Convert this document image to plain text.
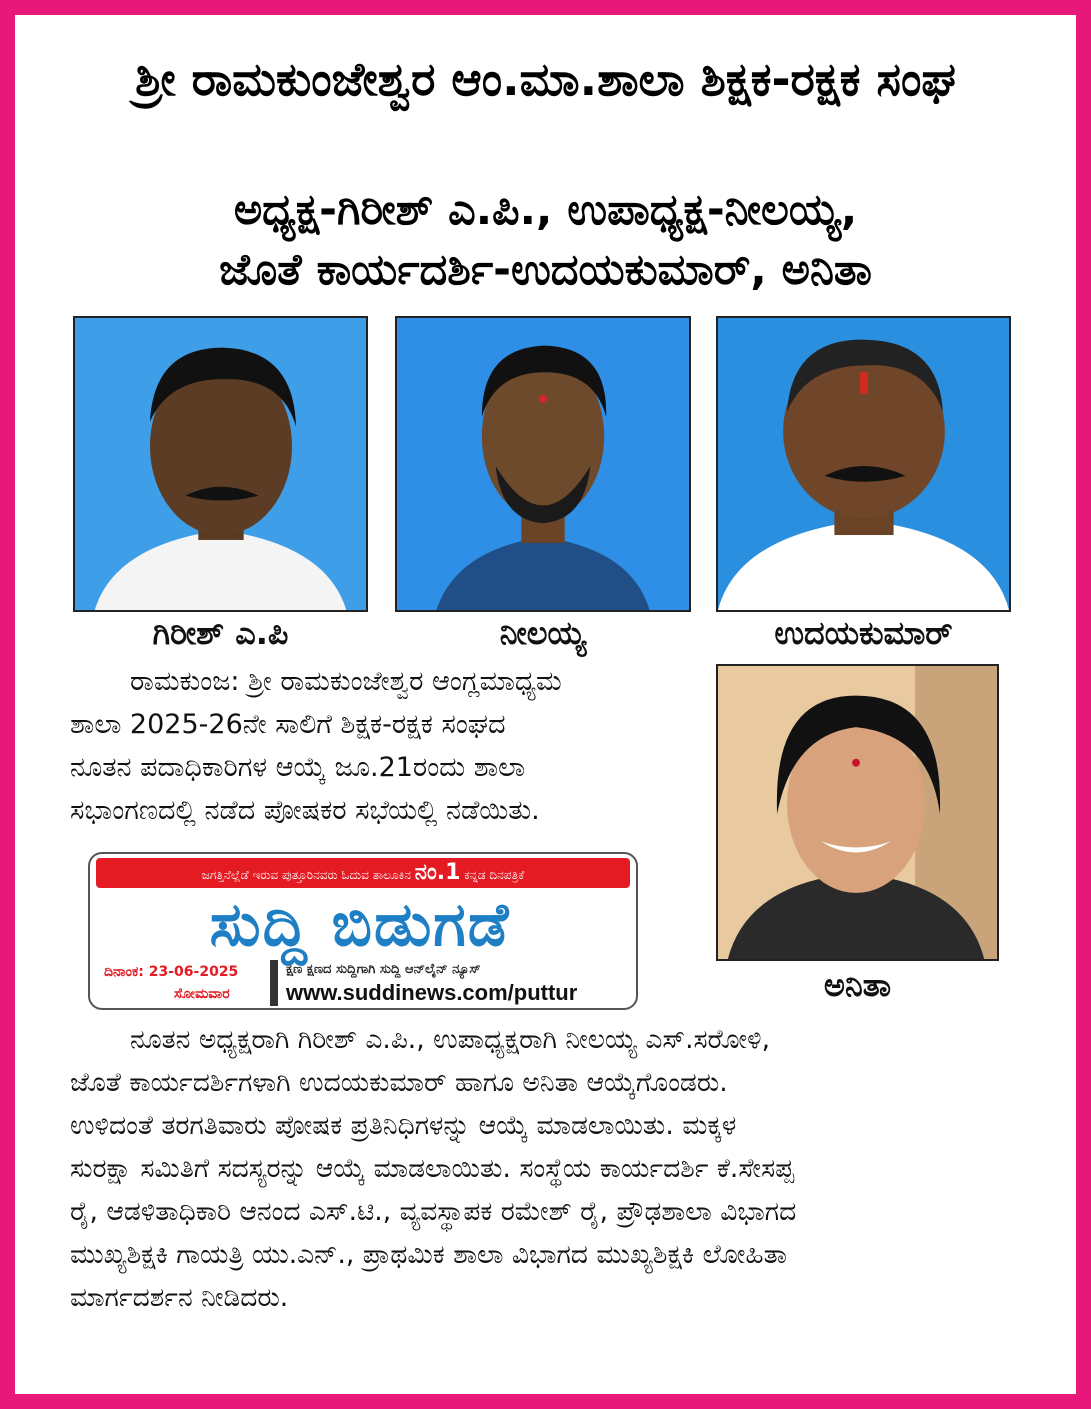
ಶ್ರೀ ರಾಮಕುಂಜೇಶ್ವರ ಆಂ.ಮಾ.ಶಾಲಾ ಶಿಕ್ಷಕ-ರಕ್ಷಕ ಸಂಘ
ಅಧ್ಯಕ್ಷ-ಗಿರೀಶ್ ಎ.ಪಿ., ಉಪಾಧ್ಯಕ್ಷ-ನೀಲಯ್ಯ,
ಜೊತೆ ಕಾರ್ಯದರ್ಶಿ-ಉದಯಕುಮಾರ್, ಅನಿತಾ
ಗಿರೀಶ್ ಎ.ಪಿ	ನೀಲಯ್ಯ	ಉದಯಕುಮಾರ್
ಅನಿತಾ
ರಾಮಕುಂಜ: ಶ್ರೀ ರಾಮಕುಂಜೇಶ್ವರ ಆಂಗ್ಲಮಾಧ್ಯಮ
ಶಾಲಾ 2025-26ನೇ ಸಾಲಿಗೆ ಶಿಕ್ಷಕ-ರಕ್ಷಕ ಸಂಘದ
ನೂತನ ಪದಾಧಿಕಾರಿಗಳ ಆಯ್ಕೆ ಜೂ.21ರಂದು ಶಾಲಾ
ಸಭಾಂಗಣದಲ್ಲಿ ನಡೆದ ಪೋಷಕರ ಸಭೆಯಲ್ಲಿ ನಡೆಯಿತು.
ಜಗತ್ತಿನೆಲ್ಲೆಡೆ ಇರುವ ಪುತ್ತೂರಿನವರು ಓದುವ ತಾಲೂಕಿನ ನಂ.1 ಕನ್ನಡ ದಿನಪತ್ರಿಕೆ
ಸುದ್ದಿ ಬಿಡುಗಡೆ
ದಿನಾಂಕ: 23-06-2025
ಸೋಮವಾರ
ಕ್ಷಣ ಕ್ಷಣದ ಸುದ್ದಿಗಾಗಿ ಸುದ್ದಿ ಆನ್‌ಲೈನ್ ನ್ಯೂಸ್
www.suddinews.com/puttur
ನೂತನ ಅಧ್ಯಕ್ಷರಾಗಿ ಗಿರೀಶ್ ಎ.ಪಿ., ಉಪಾಧ್ಯಕ್ಷರಾಗಿ ನೀಲಯ್ಯ ಎಸ್.ಸರೋಳಿ,
ಜೊತೆ ಕಾರ್ಯದರ್ಶಿಗಳಾಗಿ ಉದಯಕುಮಾರ್ ಹಾಗೂ ಅನಿತಾ ಆಯ್ಕೆಗೊಂಡರು.
ಉಳಿದಂತೆ ತರಗತಿವಾರು ಪೋಷಕ ಪ್ರತಿನಿಧಿಗಳನ್ನು ಆಯ್ಕೆ ಮಾಡಲಾಯಿತು. ಮಕ್ಕಳ
ಸುರಕ್ಷಾ ಸಮಿತಿಗೆ ಸದಸ್ಯರನ್ನು ಆಯ್ಕೆ ಮಾಡಲಾಯಿತು. ಸಂಸ್ಥೆಯ ಕಾರ್ಯದರ್ಶಿ ಕೆ.ಸೇಸಪ್ಪ
ರೈ, ಆಡಳಿತಾಧಿಕಾರಿ ಆನಂದ ಎಸ್.ಟಿ., ವ್ಯವಸ್ಥಾಪಕ ರಮೇಶ್ ರೈ, ಪ್ರೌಢಶಾಲಾ ವಿಭಾಗದ
ಮುಖ್ಯಶಿಕ್ಷಕಿ ಗಾಯತ್ರಿ ಯು.ಎನ್., ಪ್ರಾಥಮಿಕ ಶಾಲಾ ವಿಭಾಗದ ಮುಖ್ಯಶಿಕ್ಷಕಿ ಲೋಹಿತಾ
ಮಾರ್ಗದರ್ಶನ ನೀಡಿದರು.
